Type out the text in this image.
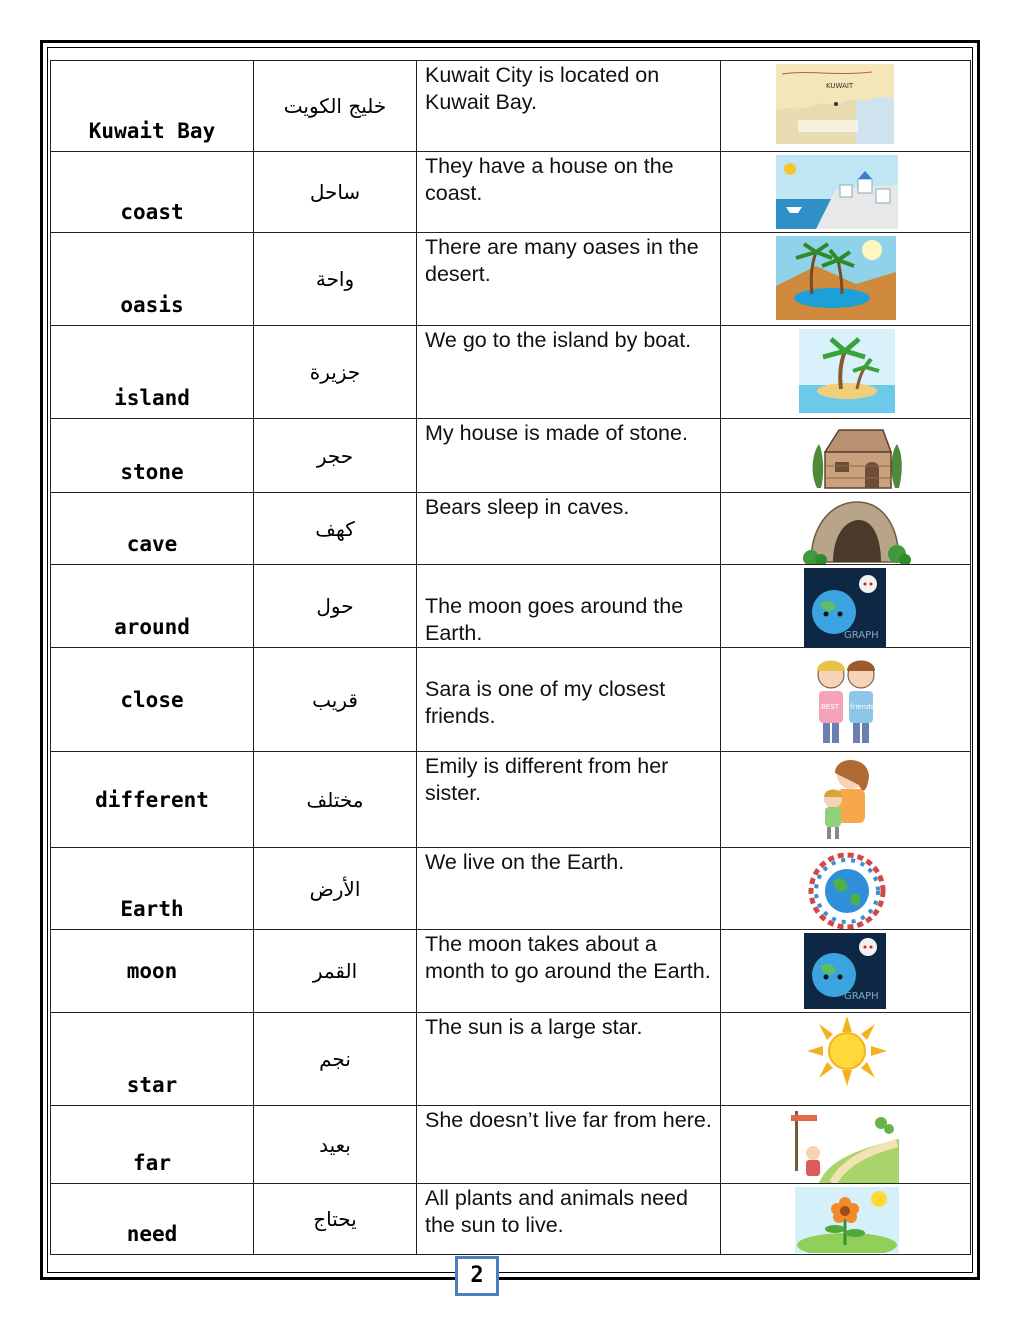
Kuwait Bay	خليج الكويت	Kuwait City is located on Kuwait Bay.	KUWAIT

coast	ساحل	They have a house on the coast.	

oasis	واحة	There are many oases in the desert.	

island	جزيرة	We go to the island by boat.	

stone	حجر	My house is made of stone.	

cave	كهف	Bears sleep in caves.	

around	حول	The moon goes around the Earth.	GRAPH

close	قريب	Sara is one of my closest friends.	BEST friends

different	مختلف	Emily is different from her sister.	

Earth	الأرض	We live on the Earth.	

moon	القمر	The moon takes about a month to go around the Earth.	GRAPH

star	نجم	The sun is a large star.	

far	بعيد	She doesn’t live far from here.	

need	يحتاج	All plants and animals need the sun to live.	
2
